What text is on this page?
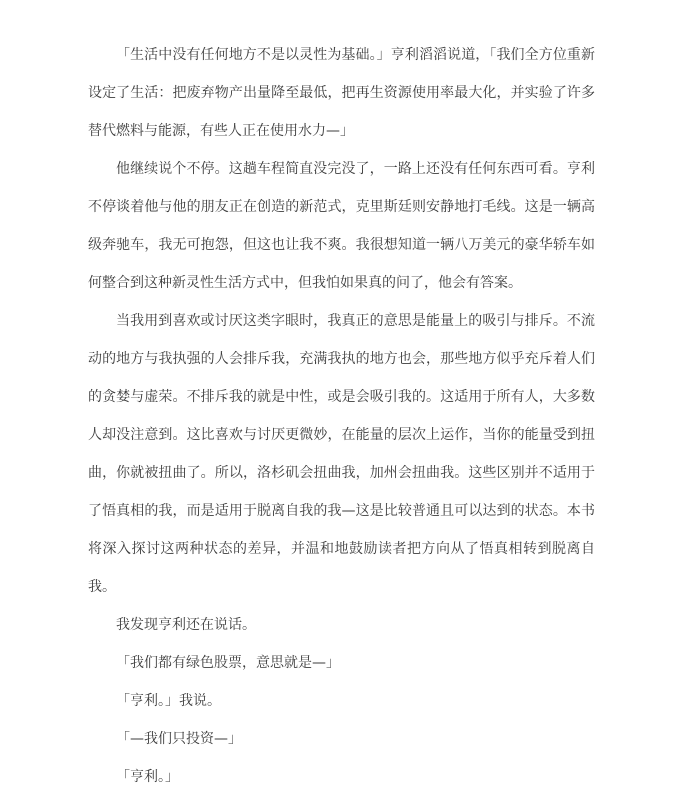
「生活中没有任何地方不是以灵性为基础。」亨利滔滔说道，「我们全方位重新设定了生活：把废弃物产出量降至最低，把再生资源使用率最大化，并实验了许多替代燃料与能源，有些人正在使用水力—」

他继续说个不停。这趟车程简直没完没了，一路上还没有任何东西可看。亨利不停谈着他与他的朋友正在创造的新范式，克里斯廷则安静地打毛线。这是一辆高级奔驰车，我无可抱怨，但这也让我不爽。我很想知道一辆八万美元的豪华轿车如何整合到这种新灵性生活方式中，但我怕如果真的问了，他会有答案。

当我用到喜欢或讨厌这类字眼时，我真正的意思是能量上的吸引与排斥。不流动的地方与我执强的人会排斥我，充满我执的地方也会，那些地方似乎充斥着人们的贪婪与虚荣。不排斥我的就是中性，或是会吸引我的。这适用于所有人，大多数人却没注意到。这比喜欢与讨厌更微妙，在能量的层次上运作，当你的能量受到扭曲，你就被扭曲了。所以，洛杉矶会扭曲我，加州会扭曲我。这些区别并不适用于了悟真相的我，而是适用于脱离自我的我—这是比较普通且可以达到的状态。本书将深入探讨这两种状态的差异，并温和地鼓励读者把方向从了悟真相转到脱离自我。

我发现亨利还在说话。

「我们都有绿色股票，意思就是—」

「亨利。」我说。

「—我们只投资—」

「亨利。」
